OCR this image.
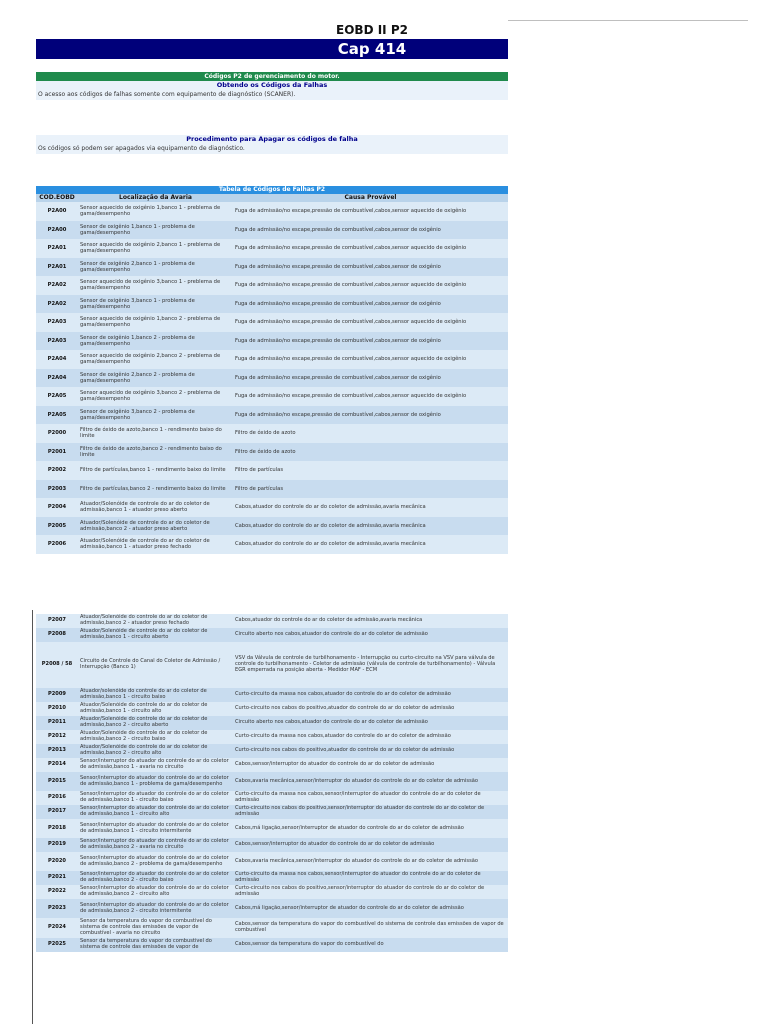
EOBD II P2
Cap 414
Códigos P2 de gerenciamento do motor.
Obtendo os Códigos da Falhas
O acesso aos códigos de falhas somente com equipamento de diagnóstico (SCANER).
Procedimento para Apagar os códigos de falha
Os códigos só podem ser apagados via equipamento de diagnóstico.
Tabela de Códigos de Falhas P2		
COD.EOBD	Localização da Avaria	Causa Provável
P2A00	Sensor aquecido de oxigênio 1,banco 1 - preblema de gama/desempenho	Fuga de admissão/no escape,pressão de combustível,cabos,sensor aquecido de oxigênio
P2A00	Sensor de oxigênio 1,banco 1 - problema de gama/desempenho	Fuga de admissão/no escape,pressão de combustível,cabos,sensor de oxigênio
P2A01	Sensor aquecido de oxigênio 2,banco 1 - preblema de gama/desempenho	Fuga de admissão/no escape,pressão de combustível,cabos,sensor aquecido de oxigênio
P2A01	Sensor de oxigênio 2,banco 1 - problema de gama/desempenho	Fuga de admissão/no escape,pressão de combustível,cabos,sensor de oxigênio
P2A02	Sensor aquecido de oxigênio 3,banco 1 - preblema de gama/desempenho	Fuga de admissão/no escape,pressão de combustível,cabos,sensor aquecido de oxigênio
P2A02	Sensor de oxigênio 3,banco 1 - problema de gama/desempenho	Fuga de admissão/no escape,pressão de combustível,cabos,sensor de oxigênio
P2A03	Sensor aquecido de oxigênio 1,banco 2 - preblema de gama/desempenho	Fuga de admissão/no escape,pressão de combustível,cabos,sensor aquecido de oxigênio
P2A03	Sensor de oxigênio 1,banco 2 - problema de gama/desempenho	Fuga de admissão/no escape,pressão de combustível,cabos,sensor de oxigênio
P2A04	Sensor aquecido de oxigênio 2,banco 2 - preblema de gama/desempenho	Fuga de admissão/no escape,pressão de combustível,cabos,sensor aquecido de oxigênio
P2A04	Sensor de oxigênio 2,banco 2 - problema de gama/desempenho	Fuga de admissão/no escape,pressão de combustível,cabos,sensor de oxigênio
P2A05	Sensor aquecido de oxigênio 3,banco 2 - preblema de gama/desempenho	Fuga de admissão/no escape,pressão de combustível,cabos,sensor aquecido de oxigênio
P2A05	Sensor de oxigênio 3,banco 2 - problema de gama/desempenho	Fuga de admissão/no escape,pressão de combustível,cabos,sensor de oxigênio
P2000	Filtro de óxido de azoto,banco 1 - rendimento baixo do limite	Filtro de óxido de azoto
P2001	Filtro de óxido de azoto,banco 2 - rendimento baixo do limite	Filtro de óxido de azoto
P2002	Filtro de partículas,banco 1 - rendimento baixo do limite	Filtro de partículas
P2003	Filtro de partículas,banco 2 - rendimento baixo do limite	Filtro de partículas
P2004	Atuador/Solenóide de controle do ar do coletor de admissão,banco 1 - atuador preso aberto	Cabos,atuador do controle do ar do coletor de admissão,avaria mecânica
P2005	Atuador/Solenóide de controle do ar do coletor de admissão,banco 2 - atuador preso aberto	Cabos,atuador do controle do ar do coletor de admissão,avaria mecânica
P2006	Atuador/Solenóide de controle do ar do coletor de admissão,banco 1 - atuador preso fechado	Cabos,atuador do controle do ar do coletor de admissão,avaria mecânica
P2007	Atuador/Solenóide do controle do ar do coletor de admissão,banco 2 - atuador preso fechado	Cabos,atuador do controle do ar do coletor de admissão,avaria mecânica
P2008	Atuador/Solenóide de controle do ar do coletor de admissão,banco 1 - circuito aberto	Circuito aberto nos cabos,atuador do controle do ar do coletor de admissão
P2008 / 58	Circuito de Controle do Canal do Coletor de Admissão / Interrupção (Banco 1)	VSV da Válvula de controle de turbilhonamento - Interrupção ou curto-circuito na VSV para válvula de controle do turbilhonamento - Coletor de admissão (válvula de controle de turbilhonamento) - Válvula EGR emperrada na posição aberta - Medidor MAF - ECM
P2009	Atuador/solenóide do controle do ar do coletor de admissão,banco 1 - circuito baixo	Curto-circuito da massa nos cabos,atuador do controle do ar do coletor de admissão
P2010	Atuador/Solenóide do controle do ar do coletor de admissão,banco 1 - circuito alto	Curto-circuito nos cabos do positivo,atuador do controle do ar do coletor de admissão
P2011	Atuador/Solenóide do controle do ar do coletor de admissão,banco 2 - circuito aberto	Circuito aberto nos cabos,atuador do controle do ar do coletor de admissão
P2012	Atuador/Solenóide do controle do ar do coletor de admissão,banco 2 - circuito baixo	Curto-circuito da massa nos cabos,atuador do controle do ar do coletor de admissão
P2013	Atuador/Solenóide do controle do ar do coletor de admissão,banco 2 - circuito alto	Curto-circuito nos cabos do positivo,atuador do controle do ar do coletor de admissão
P2014	Sensor/interruptor do atuador do controle do ar do coletor de admissão,banco 1 - avaria no circuito	Cabos,sensor/interruptor do atuador do controle do ar do coletor de admissão
P2015	Sensor/interruptor do atuador do controle do ar do coletor de admissão,banco 1 - problema de gama/desempenho	Cabos,avaria mecânica,sensor/interruptor do atuador do controle do ar do coletor de admissão
P2016	Sensor/interruptor do atuador do controle do ar do coletor de admissão,banco 1 - circuito baixo	Curto-circuito da massa nos cabos,sensor/interruptor do atuador do controle do ar do coletor de admissão
P2017	Sensor/interruptor do atuador do controle do ar do coletor de admissão,banco 1 - circuito alto	Curto-circuito nos cabos do positivo,sensor/interruptor do atuador do controle do ar do coletor de admissão
P2018	Sensor/interruptor do atuador do controle do ar do coletor de admissão,banco 1 - circuito intermitente	Cabos,má ligação,sensor/interruptor de atuador do controle do ar do coletor de admissão
P2019	Sensor/interruptor do atuador do controle do ar do coletor de admissão,banco 2 - avaria no circuito	Cabos,sensor/interruptor do atuador do controle do ar do coletor de admissão
P2020	Sensor/interruptor do atuador do controle do ar do coletor de admissão,banco 2 - problema de gama/desempenho	Cabos,avaria mecânica,sensor/interruptor do atuador do controle do ar do coletor de admissão
P2021	Sensor/interruptor do atuador do controle do ar do coletor de admissão,banco 2 - circuito baixo	Curto-circuito da massa nos cabos,sensor/interruptor do atuador do controle do ar do coletor de admissão
P2022	Sensor/interruptor do atuador do controle do ar do coletor de admissão,banco 2 - circuito alto	Curto-circuito nos cabos do positivo,sensor/interruptor do atuador do controle do ar do coletor de admissão
P2023	Sensor/interruptor do atuador do controle do ar do coletor de admissão,banco 2 - circuito intermitente	Cabos,má ligação,sensor/interruptor de atuador do controle do ar do coletor de admissão
P2024	Sensor da temperatura do vapor do combustível do sistema de controle das emissões de vapor de combustível - avaria no circuito	Cabos,sensor da temperatura do vapor do combustível do sistema de controle das emissões de vapor de combustível
P2025	Sensor da temperatura do vapor do combustível do sistema de controle das emissões de vapor de	Cabos,sensor da temperatura do vapor do combustível do
